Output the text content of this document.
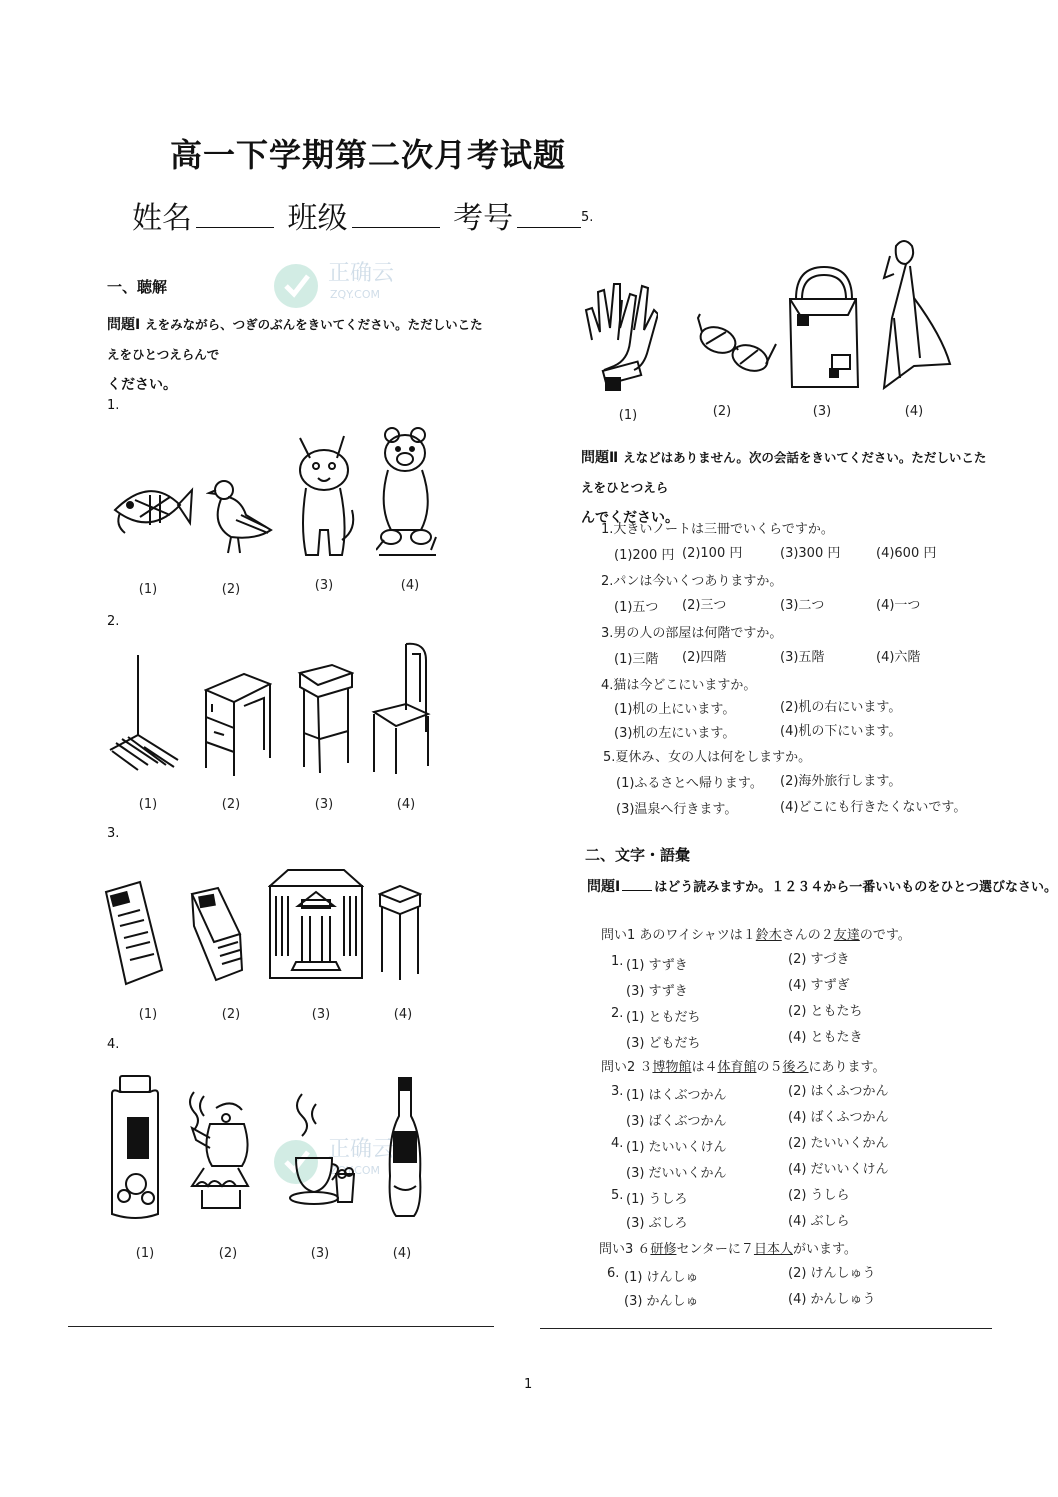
高一下学期第二次月考试题
姓名	班级	考号
正确云
ZQY.COM
正确云
ZQY.COM
一、聴解
問題Ⅰ えをみながら、つぎのぶんをきいてください。ただしいこたえをひとつえらんで
ください。
1.
(1)	(2)	(3)	(4)
2.
(1)	(2)	(3)	(4)
3.
(1)	(2)	(3)	(4)
4.
(1)	(2)	(3)	(4)
5.
(1)	(2)	(3)	(4)
問題Ⅱ えなどはありません。次の会話をきいてください。ただしいこたえをひとつえら
んでください。
1.大きいノートは三冊でいくらですか。
(1)200 円 (2)100 円	(3)300 円	(4)600 円
2.パンは今いくつありますか。
(1)五つ (2)三つ	(3)二つ	(4)一つ
3.男の人の部屋は何階ですか。
(1)三階 (2)四階	(3)五階	(4)六階
4.猫は今どこにいますか。
(1)机の上にいます。	(2)机の右にいます。
(3)机の左にいます。	(4)机の下にいます。
5.夏休み、女の人は何をしますか。
(1)ふるさとへ帰ります。 (2)海外旅行します。
(3)温泉へ行きます。	(4)どこにも行きたくないです。
二、文字・語彙
問題Ⅰ	はどう読みますか。１２３４から一番いいものをひとつ選びなさい。
問い1 あのワイシャツは１鈴木さんの２友達のです。
1. (1) すずき	(2) すづき
(3) すずき	(4) すずぎ
2. (1) ともだち	(2) ともたち
(3) どもだち	(4) ともたき
問い2 ３博物館は４体育館の５後ろにあります。
3. (1) はくぶつかん	(2) はくふつかん
(3) ばくぶつかん	(4) ばくふつかん
4. (1) たいいくけん	(2) たいいくかん
(3) だいいくかん	(4) だいいくけん
5. (1) うしろ	(2) うしら
(3) ぶしろ	(4) ぶしら
問い3 ６研修センターに７日本人がいます。
6. (1) けんしゅ	(2) けんしゅう
(3) かんしゅ	(4) かんしゅう
1
